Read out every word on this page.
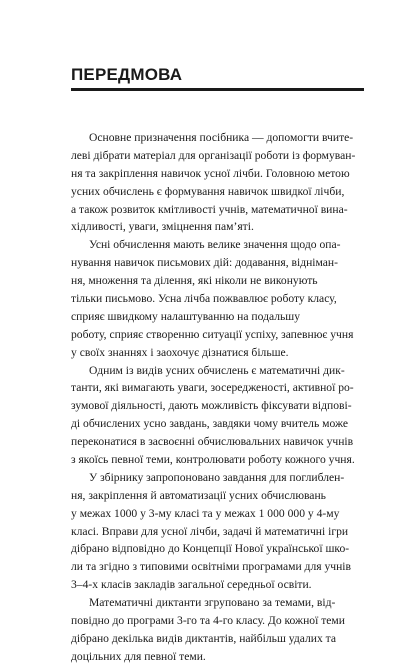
ПЕРЕДМОВА

Основне призначення посібника — допомогти вчите-
леві дібрати матеріал для організації роботи із формуван-
ня та закріплення навичок усної лічби. Головною метою
усних обчислень є формування навичок швидкої лічби,
а також розвиток кмітливості учнів, математичної вина-
хідливості, уваги, зміцнення пам’яті.

Усні обчислення мають велике значення щодо опа-
нування навичок письмових дій: додавання, віднiман-
ня, множення та ділення, які ніколи не виконують
тільки письмово. Усна лічба пожвавлює роботу класу,
сприяє швидкому налаштуванню на подальшу
роботу, сприяє створенню ситуації успіху, запевнює учня
у своїх знаннях і заохочує дізнатися більше.

Одним із видів усних обчислень є математичні дик-
танти, які вимагають уваги, зосередженості, активної ро-
зумової діяльності, дають можливість фіксувати відпові-
ді обчислених усно завдань, завдяки чому вчитель може
переконатися в засвоєнні обчислювальних навичок учнів
з якоїсь певної теми, контролювати роботу кожного учня.

У збірнику запропоновано завдання для поглиблен-
ня, закріплення й автоматизації усних обчислювань
у межах 1000 у 3-му класі та у межах 1 000 000 у 4-му
класі. Вправи для усної лічби, задачі й математичні ігри
дібрано відповідно до Концепції Нової української шко-
ли та згідно з типовими освітніми програмами для учнів
3–4-х класів закладів загальної середньої освіти.

Математичні диктанти згруповано за темами, від-
повідно до програми 3-го та 4-го класу. До кожної теми
дібрано декілька видів диктантів, найбільш удалих та
доцільних для певної теми.
